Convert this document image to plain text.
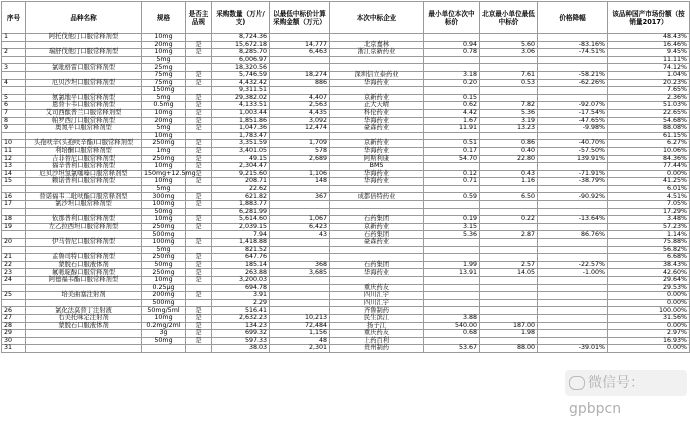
序号	品种名称	规格	是否主品规	采购数量（万片/支)	以最低中标价计算采购金额（万元）	本次中标企业	最小单位本次中标价	北京最小单位最低中标价	价格降幅	该品种国产市场份额（按销量2017）
1	阿托伐他汀口服常释剂型	10mg		8,724.36						48.43%
		20mg	是	15,672.18	14,777	北京嘉林	0.94	5.60	-83.16%	16.46%
2	瑞舒伐他汀口服常释剂型	10mg	是	8,285.70	6,463	浙江京新药业	0.78	3.06	-74.51%	9.45%
		5mg		6,006.97						11.11%
3	氯吡格雷口服常释剂型	25mg		18,320.56						74.12%
		75mg	是	5,746.59	18,274	深圳信立泰药业	3.18	7.61	-58.21%	1.04%
4	厄贝沙坦口服常释剂型	75mg	是	4,432.42	886	华海药业	0.20	0.53	-62.26%	20.23%
		150mg		9,311.51						7.65%
5	氨氯地平口服常释剂型	5mg	是	29,382.02	4,407	京新药业	0.15			2.36%
6	恩替卡韦口服常释剂型	0.5mg	是	4,133.51	2,563	正大天晴	0.62	7.82	-92.07%	51.03%
7	艾司西酞普兰口服常释剂型	10mg	是	1,003.44	4,435	科伦药业	4.42	5.36	-17.54%	22.65%
8	帕罗西汀口服常释剂型	20mg	是	1,851.86	3,092	华海药业	1.67	3.19	-47.65%	54.68%
9	奥氮平口服常释剂型	5mg	是	1,047.36	12,474	豪森药业	11.91	13.23	-9.98%	88.08%
		10mg		1,783.47						61.15%
10	头孢呋辛(头孢呋辛酯)口服常释剂型	250mg	是	3,351.59	1,709	京新药业	0.51	0.86	-40.70%	6.27%
11	利培酮口服常释剂型	1mg	是	3,401.05	578	华海药业	0.17	0.40	-57.50%	10.06%
12	吉非替尼口服常释剂型	250mg	是	49.15	2,689	阿斯利康	54.70	22.80	139.91%	84.36%
13	福辛普利口服常释剂型	10mg	是	2,304.47		BMS				77.44%
14	厄贝沙坦氢氯噻嗪口服常释剂型	150mg+12.5mg	是	9,215.60	1,106	华海药业	0.12	0.43	-71.91%	0.00%
15	赖诺普利口服常释剂型	10mg	是	208.71	148	华海药业	0.71	1.16	-38.79%	41.25%
		5mg		22.62						6.01%
16	替诺福韦二吡呋酯口服常释剂型	300mg	是	621.82	367	成都倍特药业	0.59	6.50	-90.92%	4.51%
17	氯沙坦口服常释剂型	100mg	是	1,883.77						7.05%
		50mg		6,281.99						17.29%
18	依那普利口服常释剂型	10mg	是	5,614.60	1,067	石药集团	0.19	0.22	-13.64%	3.48%
19	左乙拉西坦口服常释剂型	250mg	是	2,039.15	6,423	京新药业	3.15			57.23%
		500mg		7.94	43	石药集团	5.36	2.87	86.76%	1.14%
20	伊马替尼口服常释剂型	100mg	是	1,418.88		豪森药业				75.88%
		5mg		821.52						56.82%
21	孟鲁司特口服常释剂型	250mg	是	647.76						6.68%
22	蒙脱石口服液体剂	50mg	是	185.14	368	石药集团	1.99	2.57	-22.57%	38.43%
23	氟哌啶醇口服常释剂型	250mg	是	263.88	3,685	华海药业	13.91	14.05	-1.00%	42.60%
24	阿德福韦酯口服常释剂型	10mg	是	3,200.03						29.64%
		0.25μg		694.78		重庆药友				29.53%
25	培美曲塞注射剂	200mg	是	3.91		四川汇宇				0.00%
		500mg		2.29		四川汇宇				0.00%
26	氯化法莫替丁注射液	50mg/5ml	是	516.41		齐鲁制药				100.00%
27	右美托咪定注射剂	10mg	是	2,632.23	10,213	民生滨江	3.88			31.56%
28	蒙脱石口服液体剂	0.2mg/2ml	是	134.23	72,484	扬子江	540.00	187.00		0.00%
29		3g	是	699.32	1,156	重庆药友	0.68	1.98		2.97%
30		50mg	是	597.33	48	上药百利				16.93%
31				38.03	2,301	贵州制药	53.67	88.00	-39.01%	0.00%
微信号：gpbpcn
